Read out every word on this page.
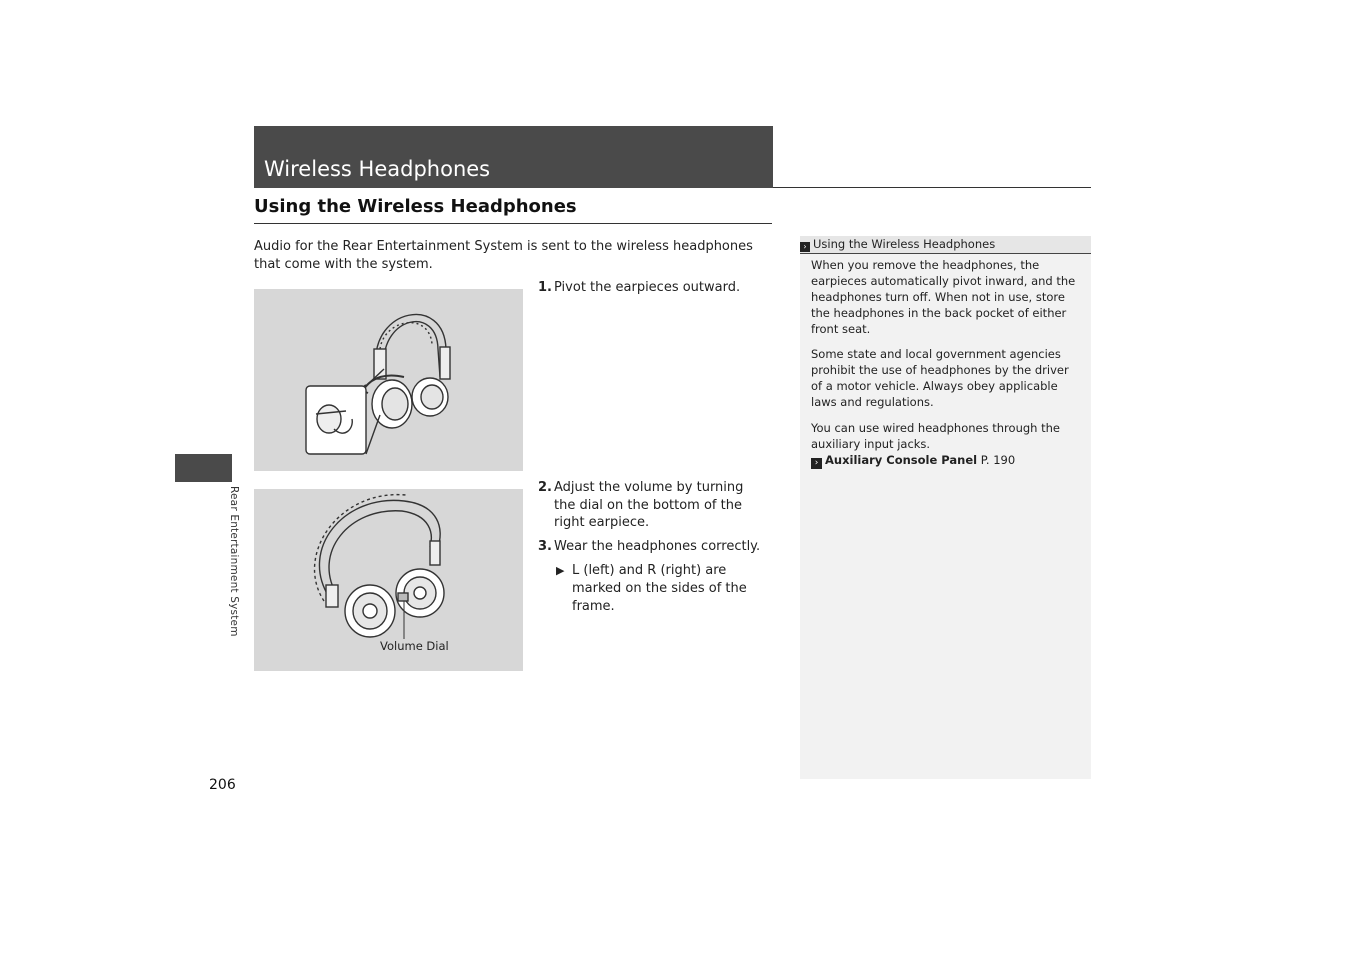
Wireless Headphones
Using the Wireless Headphones
Audio for the Rear Entertainment System is sent to the wireless headphones that come with the system.
Volume Dial
1. Pivot the earpieces outward.
2. Adjust the volume by turning the dial on the bottom of the right earpiece.
3. Wear the headphones correctly.
▶ L (left) and R (right) are marked on the sides of the frame.
Rear Entertainment System
206
› Using the Wireless Headphones
When you remove the headphones, the earpieces automatically pivot inward, and the headphones turn off. When not in use, store the headphones in the back pocket of either front seat.
Some state and local government agencies prohibit the use of headphones by the driver of a motor vehicle. Always obey applicable laws and regulations.
You can use wired headphones through the auxiliary input jacks.
› Auxiliary Console Panel P. 190
